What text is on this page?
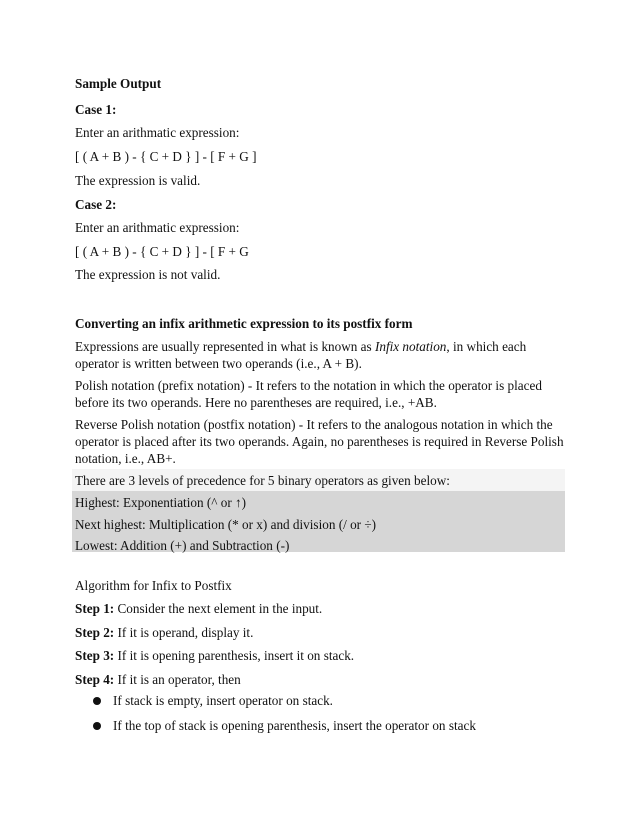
Sample Output
Case 1:
Enter an arithmatic expression:
[ ( A + B ) - { C + D } ] - [ F + G ]
The expression is valid.
Case 2:
Enter an arithmatic expression:
[ ( A + B ) - { C + D } ] - [ F + G
The expression is not valid.
Converting an infix arithmetic expression to its postfix form
Expressions are usually represented in what is known as Infix notation, in which each operator is written between two operands (i.e., A + B).
Polish notation (prefix notation) - It refers to the notation in which the operator is placed before its two operands. Here no parentheses are required, i.e., +AB.
Reverse Polish notation (postfix notation) - It refers to the analogous notation in which the operator is placed after its two operands. Again, no parentheses is required in Reverse Polish notation, i.e., AB+.
There are 3 levels of precedence for 5 binary operators as given below:
Highest: Exponentiation (^ or ↑)
Next highest: Multiplication (* or x) and division (/ or ÷)
Lowest: Addition (+) and Subtraction (-)
Algorithm for Infix to Postfix
Step 1: Consider the next element in the input.
Step 2: If it is operand, display it.
Step 3: If it is opening parenthesis, insert it on stack.
Step 4: If it is an operator, then
If stack is empty, insert operator on stack.
If the top of stack is opening parenthesis, insert the operator on stack
